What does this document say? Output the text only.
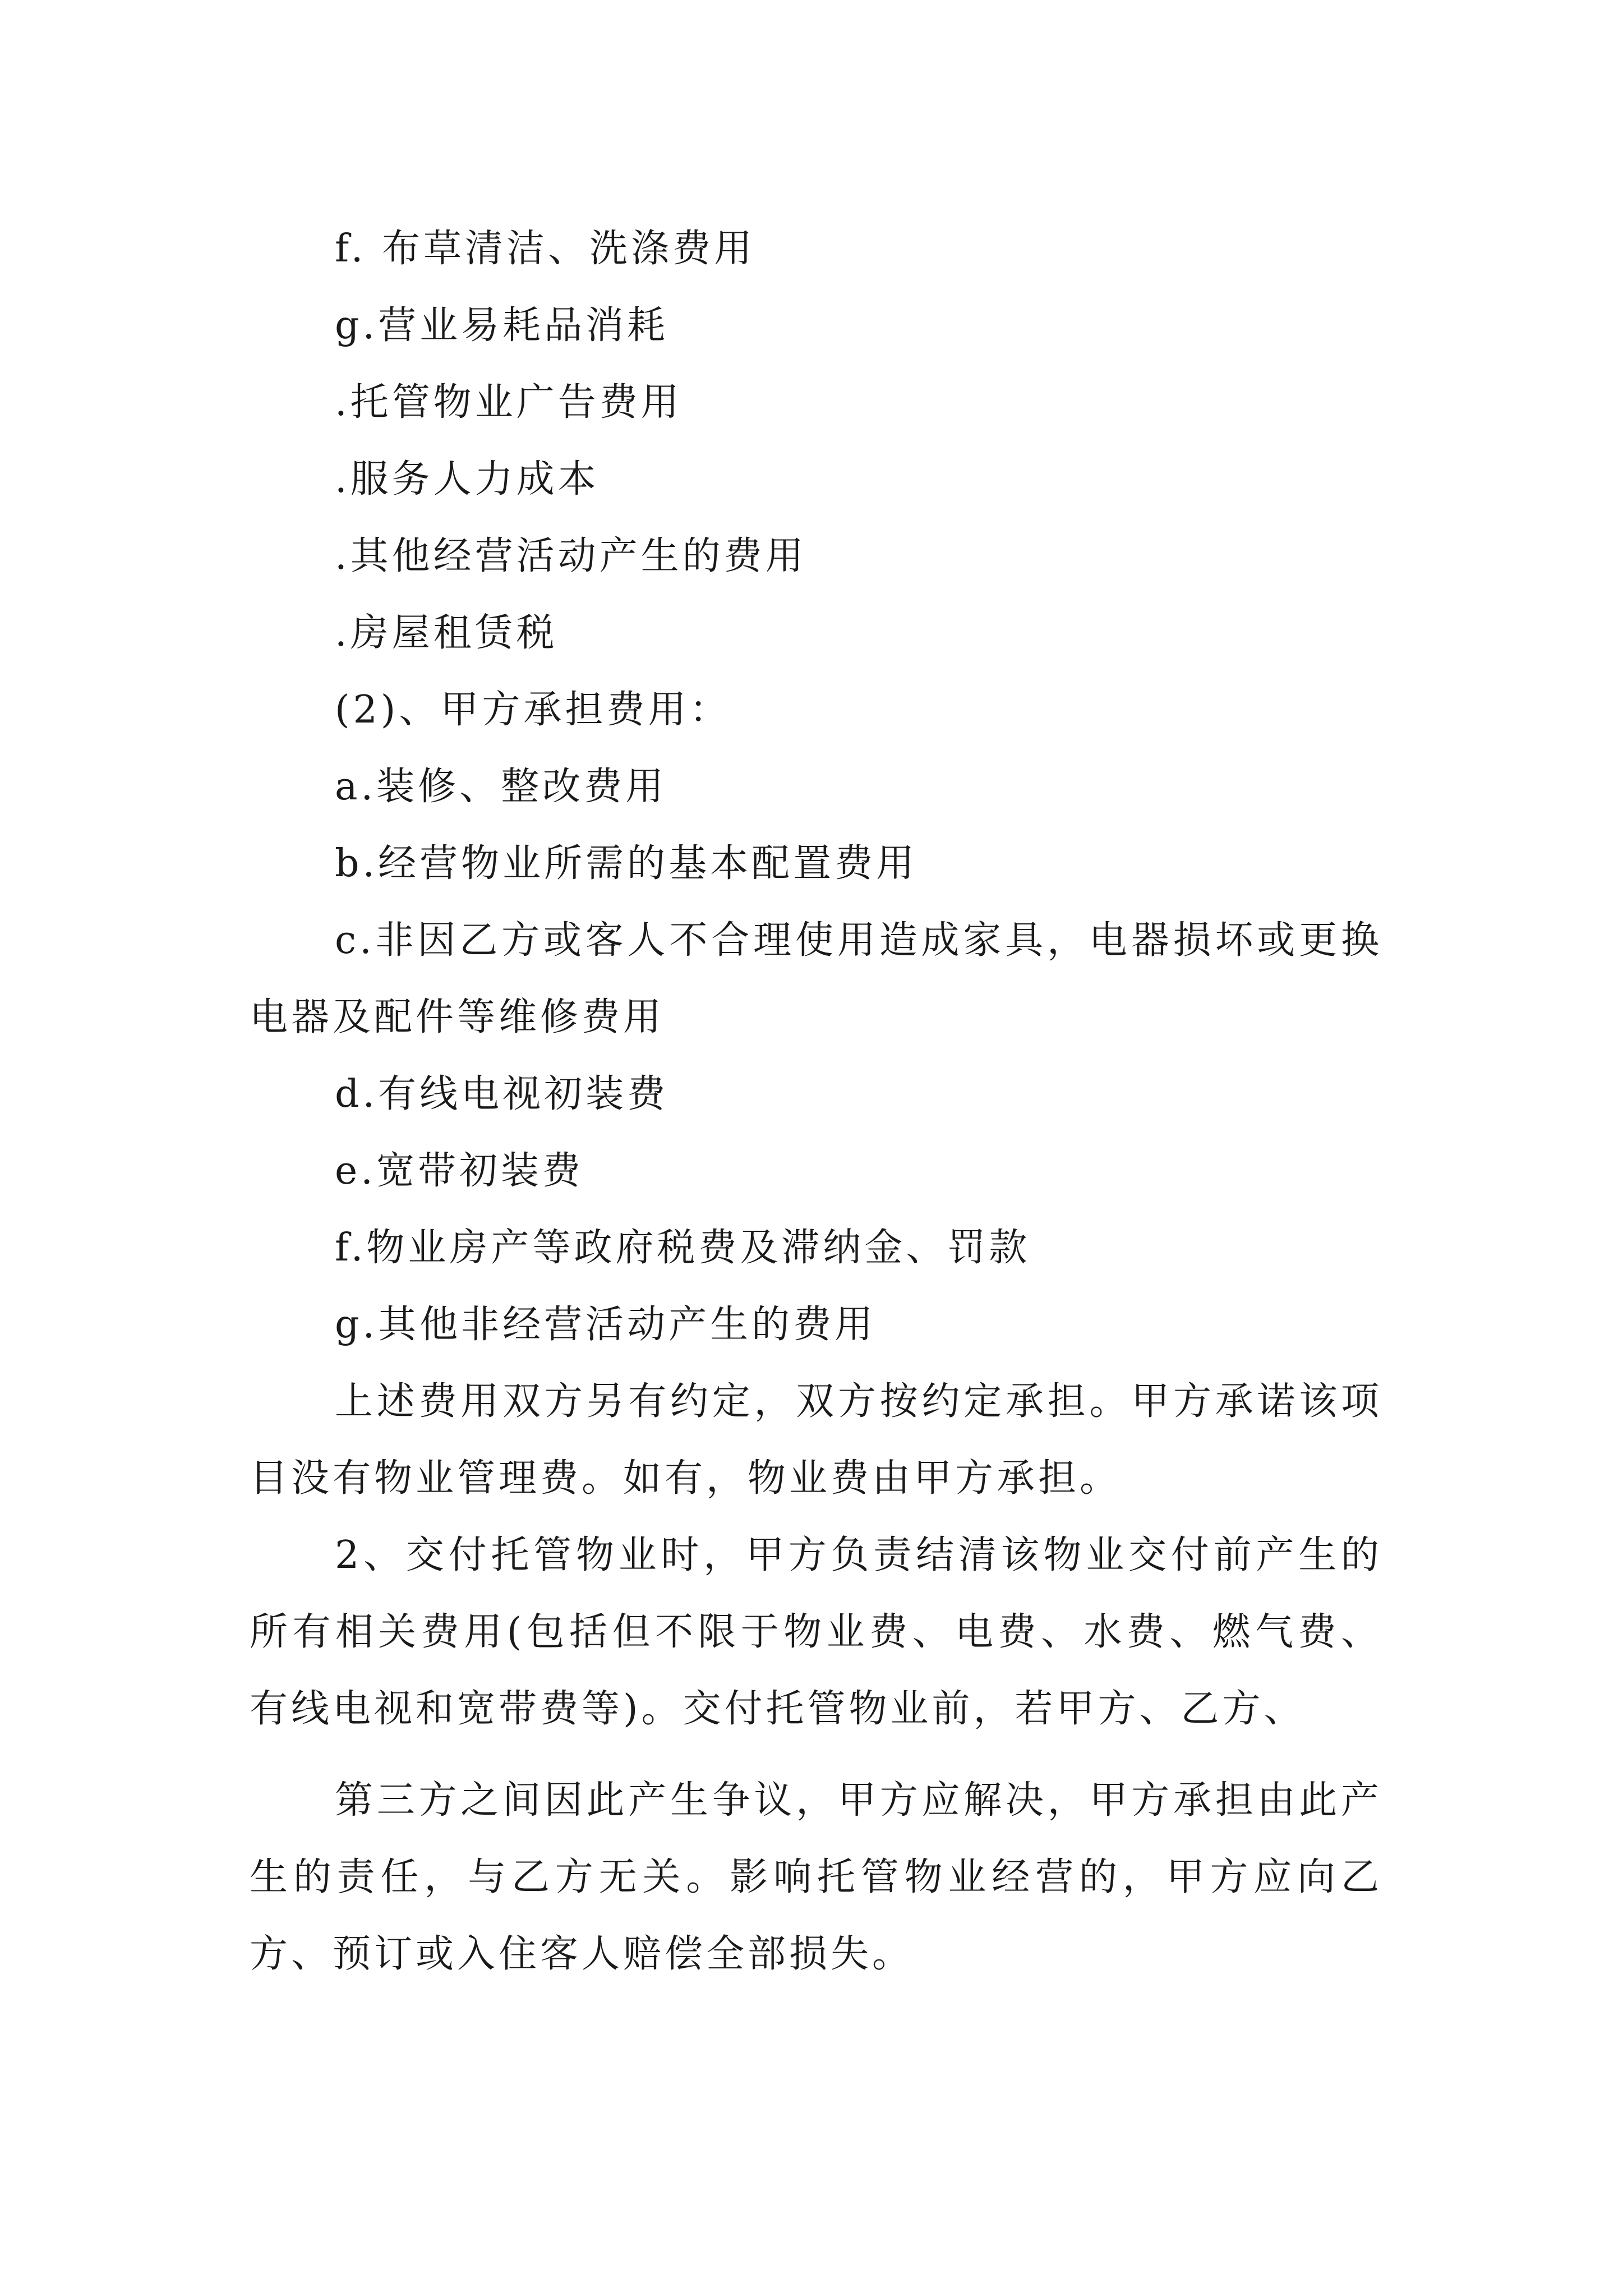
f. 布草清洁、洗涤费用

g.营业易耗品消耗

.托管物业广告费用

.服务人力成本

.其他经营活动产生的费用

.房屋租赁税

(2)、甲方承担费用：

a.装修、整改费用

b.经营物业所需的基本配置费用

c.非因乙方或客人不合理使用造成家具，电器损坏或更换电器及配件等维修费用

d.有线电视初装费

e.宽带初装费

f.物业房产等政府税费及滞纳金、罚款

g.其他非经营活动产生的费用

上述费用双方另有约定，双方按约定承担。甲方承诺该项目没有物业管理费。如有，物业费由甲方承担。

2、交付托管物业时，甲方负责结清该物业交付前产生的所有相关费用(包括但不限于物业费、电费、水费、燃气费、有线电视和宽带费等)。交付托管物业前，若甲方、乙方、

第三方之间因此产生争议，甲方应解决，甲方承担由此产生的责任，与乙方无关。影响托管物业经营的，甲方应向乙方、预订或入住客人赔偿全部损失。
